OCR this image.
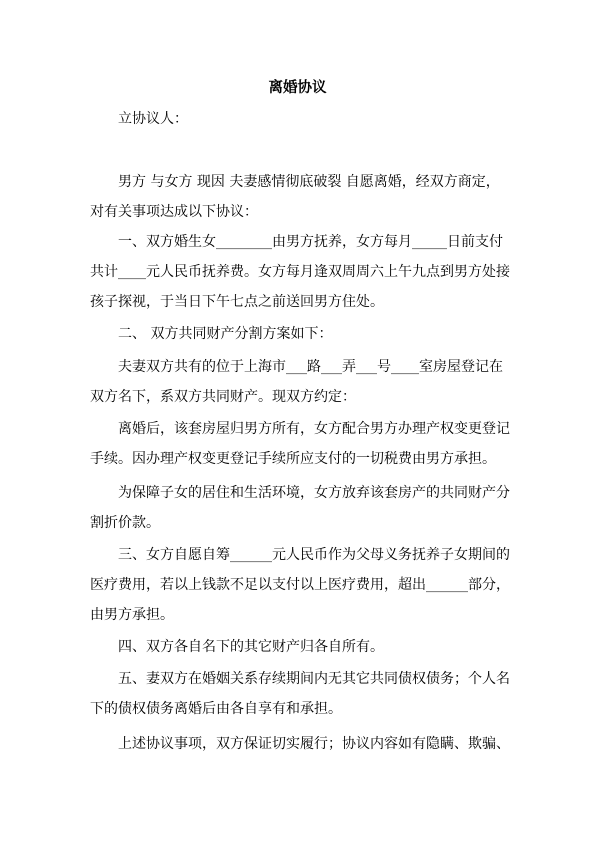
离婚协议
立协议人：
男方 与女方 现因 夫妻感情彻底破裂 自愿离婚，经双方商定，
对有关事项达成以下协议：
一、双方婚生女________由男方抚养，女方每月_____日前支付
共计____元人民币抚养费。女方每月逢双周周六上午九点到男方处接
孩子探视，于当日下午七点之前送回男方住处。
二、 双方共同财产分割方案如下：
夫妻双方共有的位于上海市___路___弄___号____室房屋登记在
双方名下，系双方共同财产。现双方约定：
离婚后，该套房屋归男方所有，女方配合男方办理产权变更登记
手续。因办理产权变更登记手续所应支付的一切税费由男方承担。
为保障子女的居住和生活环境，女方放弃该套房产的共同财产分
割折价款。
三、女方自愿自筹______元人民币作为父母义务抚养子女期间的
医疗费用，若以上钱款不足以支付以上医疗费用，超出______部分，
由男方承担。
四、双方各自名下的其它财产归各自所有。
五、妻双方在婚姻关系存续期间内无其它共同债权债务；个人名
下的债权债务离婚后由各自享有和承担。
上述协议事项，双方保证切实履行；协议内容如有隐瞒、欺骗、
